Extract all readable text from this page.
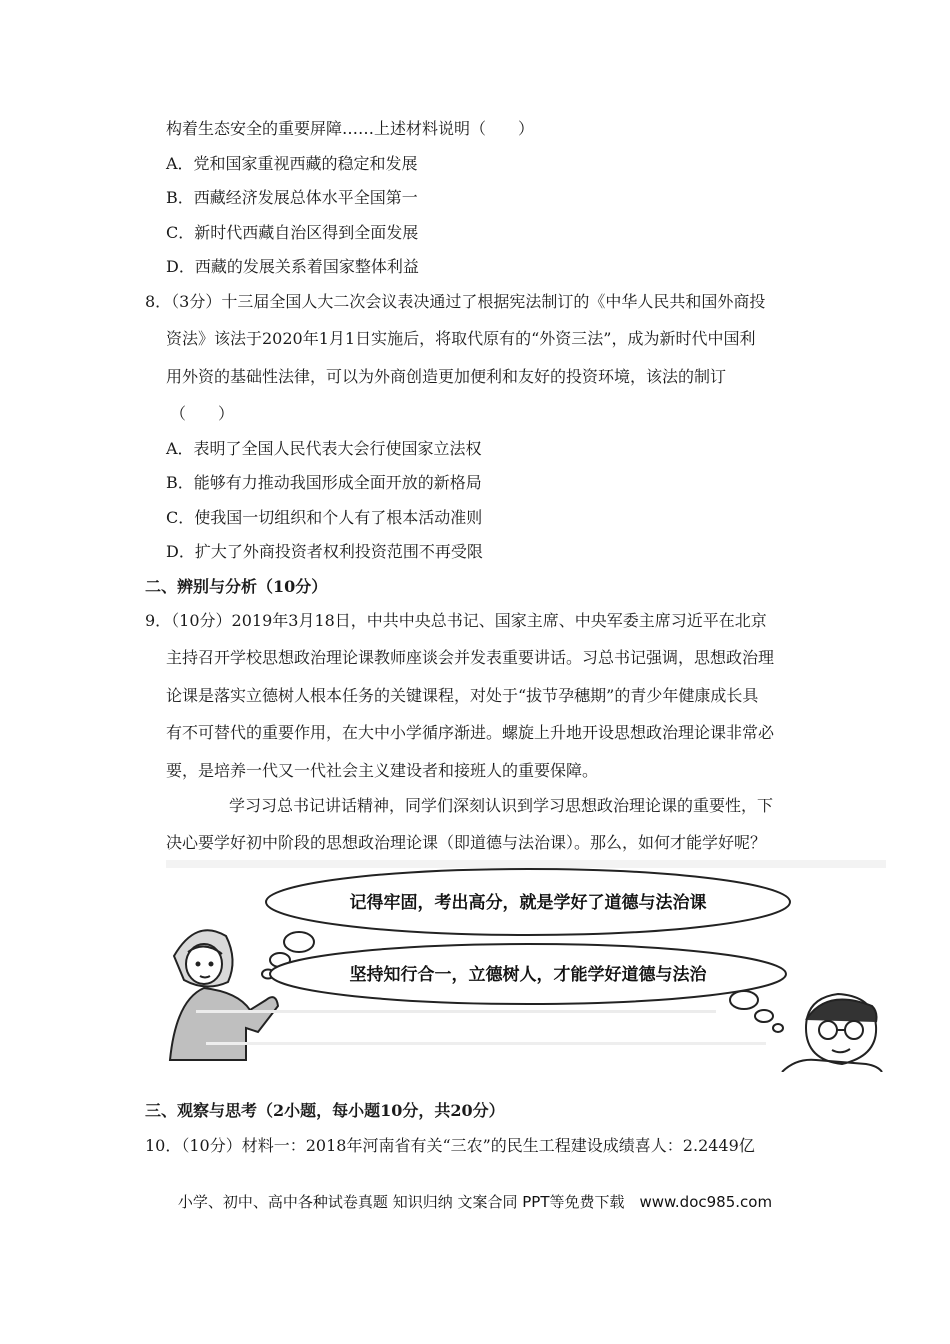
构着生态安全的重要屏障……上述材料说明（　　）
A．党和国家重视西藏的稳定和发展
B．西藏经济发展总体水平全国第一
C．新时代西藏自治区得到全面发展
D．西藏的发展关系着国家整体利益
8．（3分）十三届全国人大二次会议表决通过了根据宪法制订的《中华人民共和国外商投
资法》该法于2020年1月1日实施后，将取代原有的“外资三法”，成为新时代中国利
用外资的基础性法律，可以为外商创造更加便利和友好的投资环境，该法的制订
（　　）
A．表明了全国人民代表大会行使国家立法权
B．能够有力推动我国形成全面开放的新格局
C．使我国一切组织和个人有了根本活动准则
D．扩大了外商投资者权利投资范围不再受限
二、辨别与分析（10分）
9．（10分）2019年3月18日，中共中央总书记、国家主席、中央军委主席习近平在北京
主持召开学校思想政治理论课教师座谈会并发表重要讲话。习总书记强调，思想政治理
论课是落实立德树人根本任务的关键课程，对处于“拔节孕穗期”的青少年健康成长具
有不可替代的重要作用，在大中小学循序渐进。螺旋上升地开设思想政治理论课非常必
要，是培养一代又一代社会主义建设者和接班人的重要保障。
学习习总书记讲话精神，同学们深刻认识到学习思想政治理论课的重要性，下
决心要学好初中阶段的思想政治理论课（即道德与法治课）。那么，如何才能学好呢？
记得牢固，考出高分，就是学好了道德与法治课
坚持知行合一，立德树人，才能学好道德与法治
三、观察与思考（2小题，每小题10分，共20分）
10．（10分）材料一：2018年河南省有关“三农”的民生工程建设成绩喜人：2.2449亿
小学、初中、高中各种试卷真题 知识归纳 文案合同 PPT等免费下载　www.doc985.com
